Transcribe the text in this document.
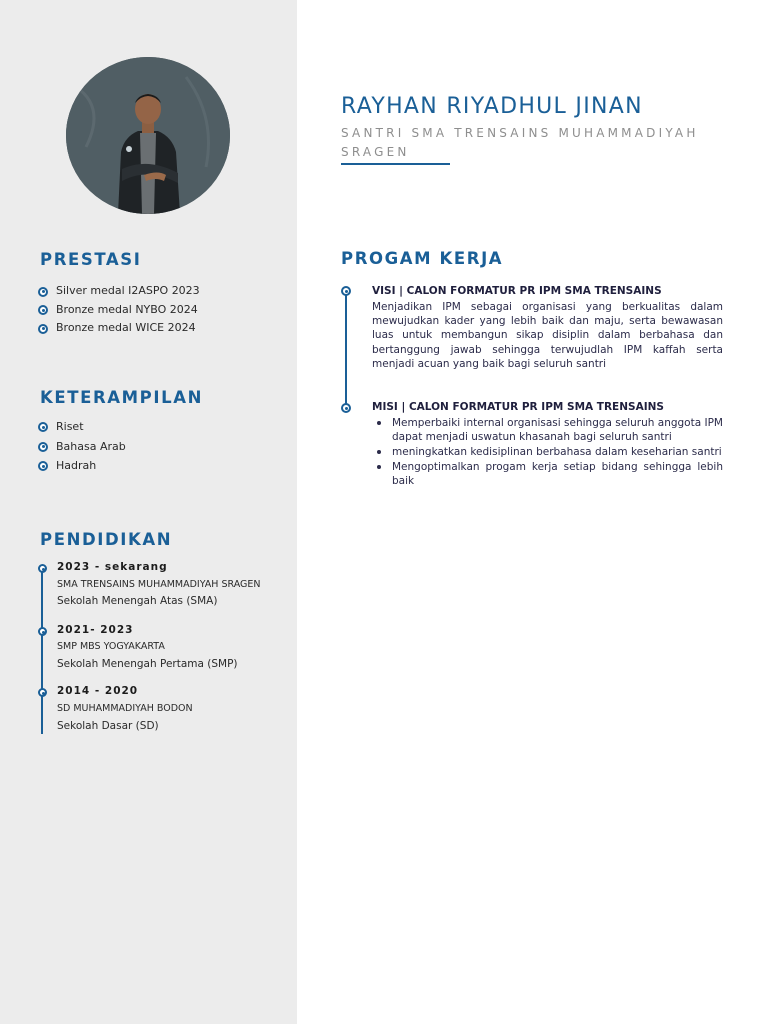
PRESTASI
Silver medal I2ASPO 2023
Bronze medal NYBO 2024
Bronze medal WICE 2024
KETERAMPILAN
Riset
Bahasa Arab
Hadrah
PENDIDIKAN
2023 - sekarang
SMA TRENSAINS MUHAMMADIYAH SRAGEN
Sekolah Menengah Atas (SMA)
2021- 2023
SMP MBS YOGYAKARTA
Sekolah Menengah Pertama (SMP)
2014 - 2020
SD MUHAMMADIYAH BODON
Sekolah Dasar (SD)
RAYHAN RIYADHUL JINAN
SANTRI SMA TRENSAINS MUHAMMADIYAH SRAGEN
PROGAM KERJA
VISI | CALON FORMATUR PR IPM SMA TRENSAINS
Menjadikan IPM sebagai organisasi yang berkualitas dalam mewujudkan kader yang lebih baik dan maju, serta bewawasan luas untuk membangun sikap disiplin dalam berbahasa dan bertanggung jawab sehingga terwujudlah IPM kaffah serta menjadi acuan yang baik bagi seluruh santri
MISI | CALON FORMATUR PR IPM SMA TRENSAINS
Memperbaiki internal organisasi sehingga seluruh anggota IPM dapat menjadi uswatun khasanah bagi seluruh santri
meningkatkan kedisiplinan berbahasa dalam keseharian santri
Mengoptimalkan progam kerja setiap bidang sehingga lebih baik
